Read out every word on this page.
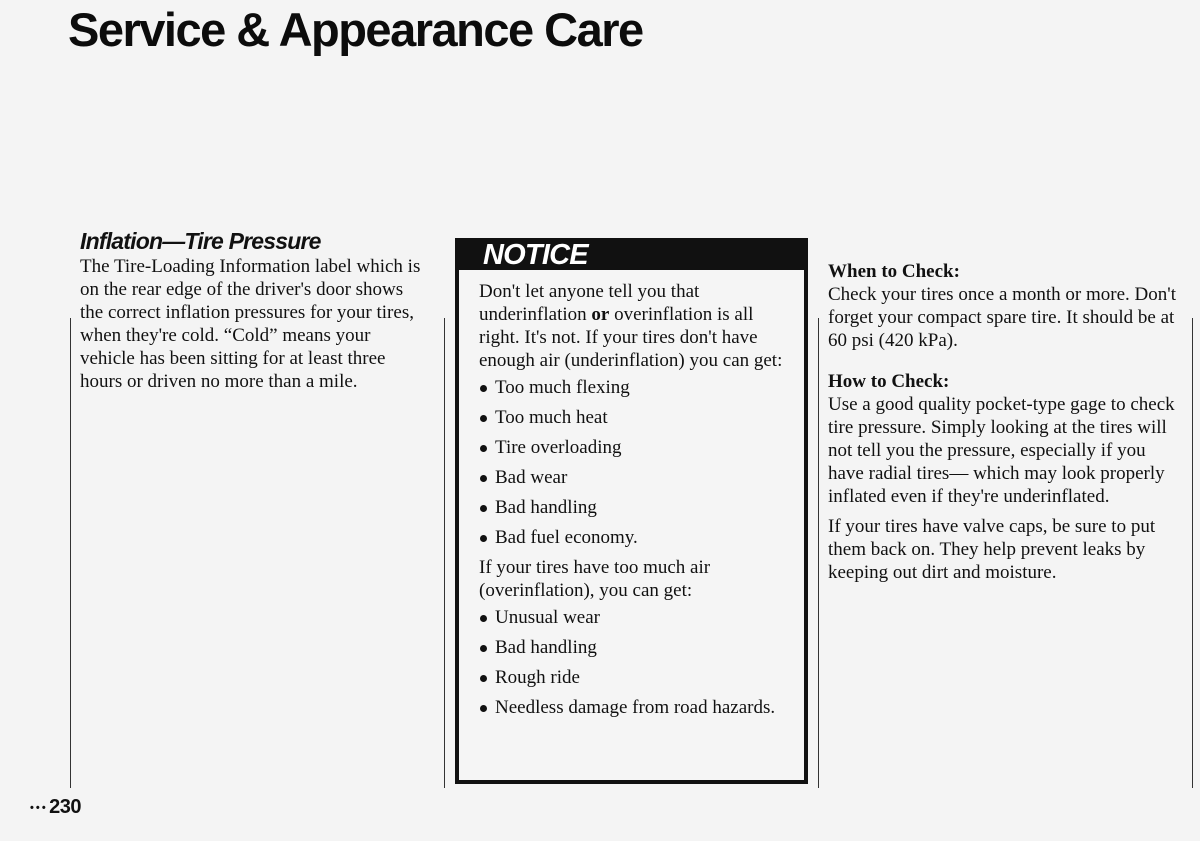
Service & Appearance Care
Inflation—Tire Pressure

The Tire-Loading Information label which is on the rear edge of the driver's door shows the correct inflation pressures for your tires, when they're cold. “Cold” means your vehicle has been sitting for at least three hours or driven no more than a mile.

NOTICE

Don't let anyone tell you that underinflation or overinflation is all right. It's not. If your tires don't have enough air (underinflation) you can get:

Too much flexing
Too much heat
Tire overloading
Bad wear
Bad handling
Bad fuel economy.

If your tires have too much air (overinflation), you can get:

Unusual wear
Bad handling
Rough ride
Needless damage from road hazards.

When to Check:

Check your tires once a month or more. Don't forget your compact spare tire. It should be at 60 psi (420 kPa).

How to Check:

Use a good quality pocket-type gage to check tire pressure. Simply looking at the tires will not tell you the pressure, especially if you have radial tires— which may look properly inflated even if they're underinflated.

If your tires have valve caps, be sure to put them back on. They help prevent leaks by keeping out dirt and moisture.

• • • 230
